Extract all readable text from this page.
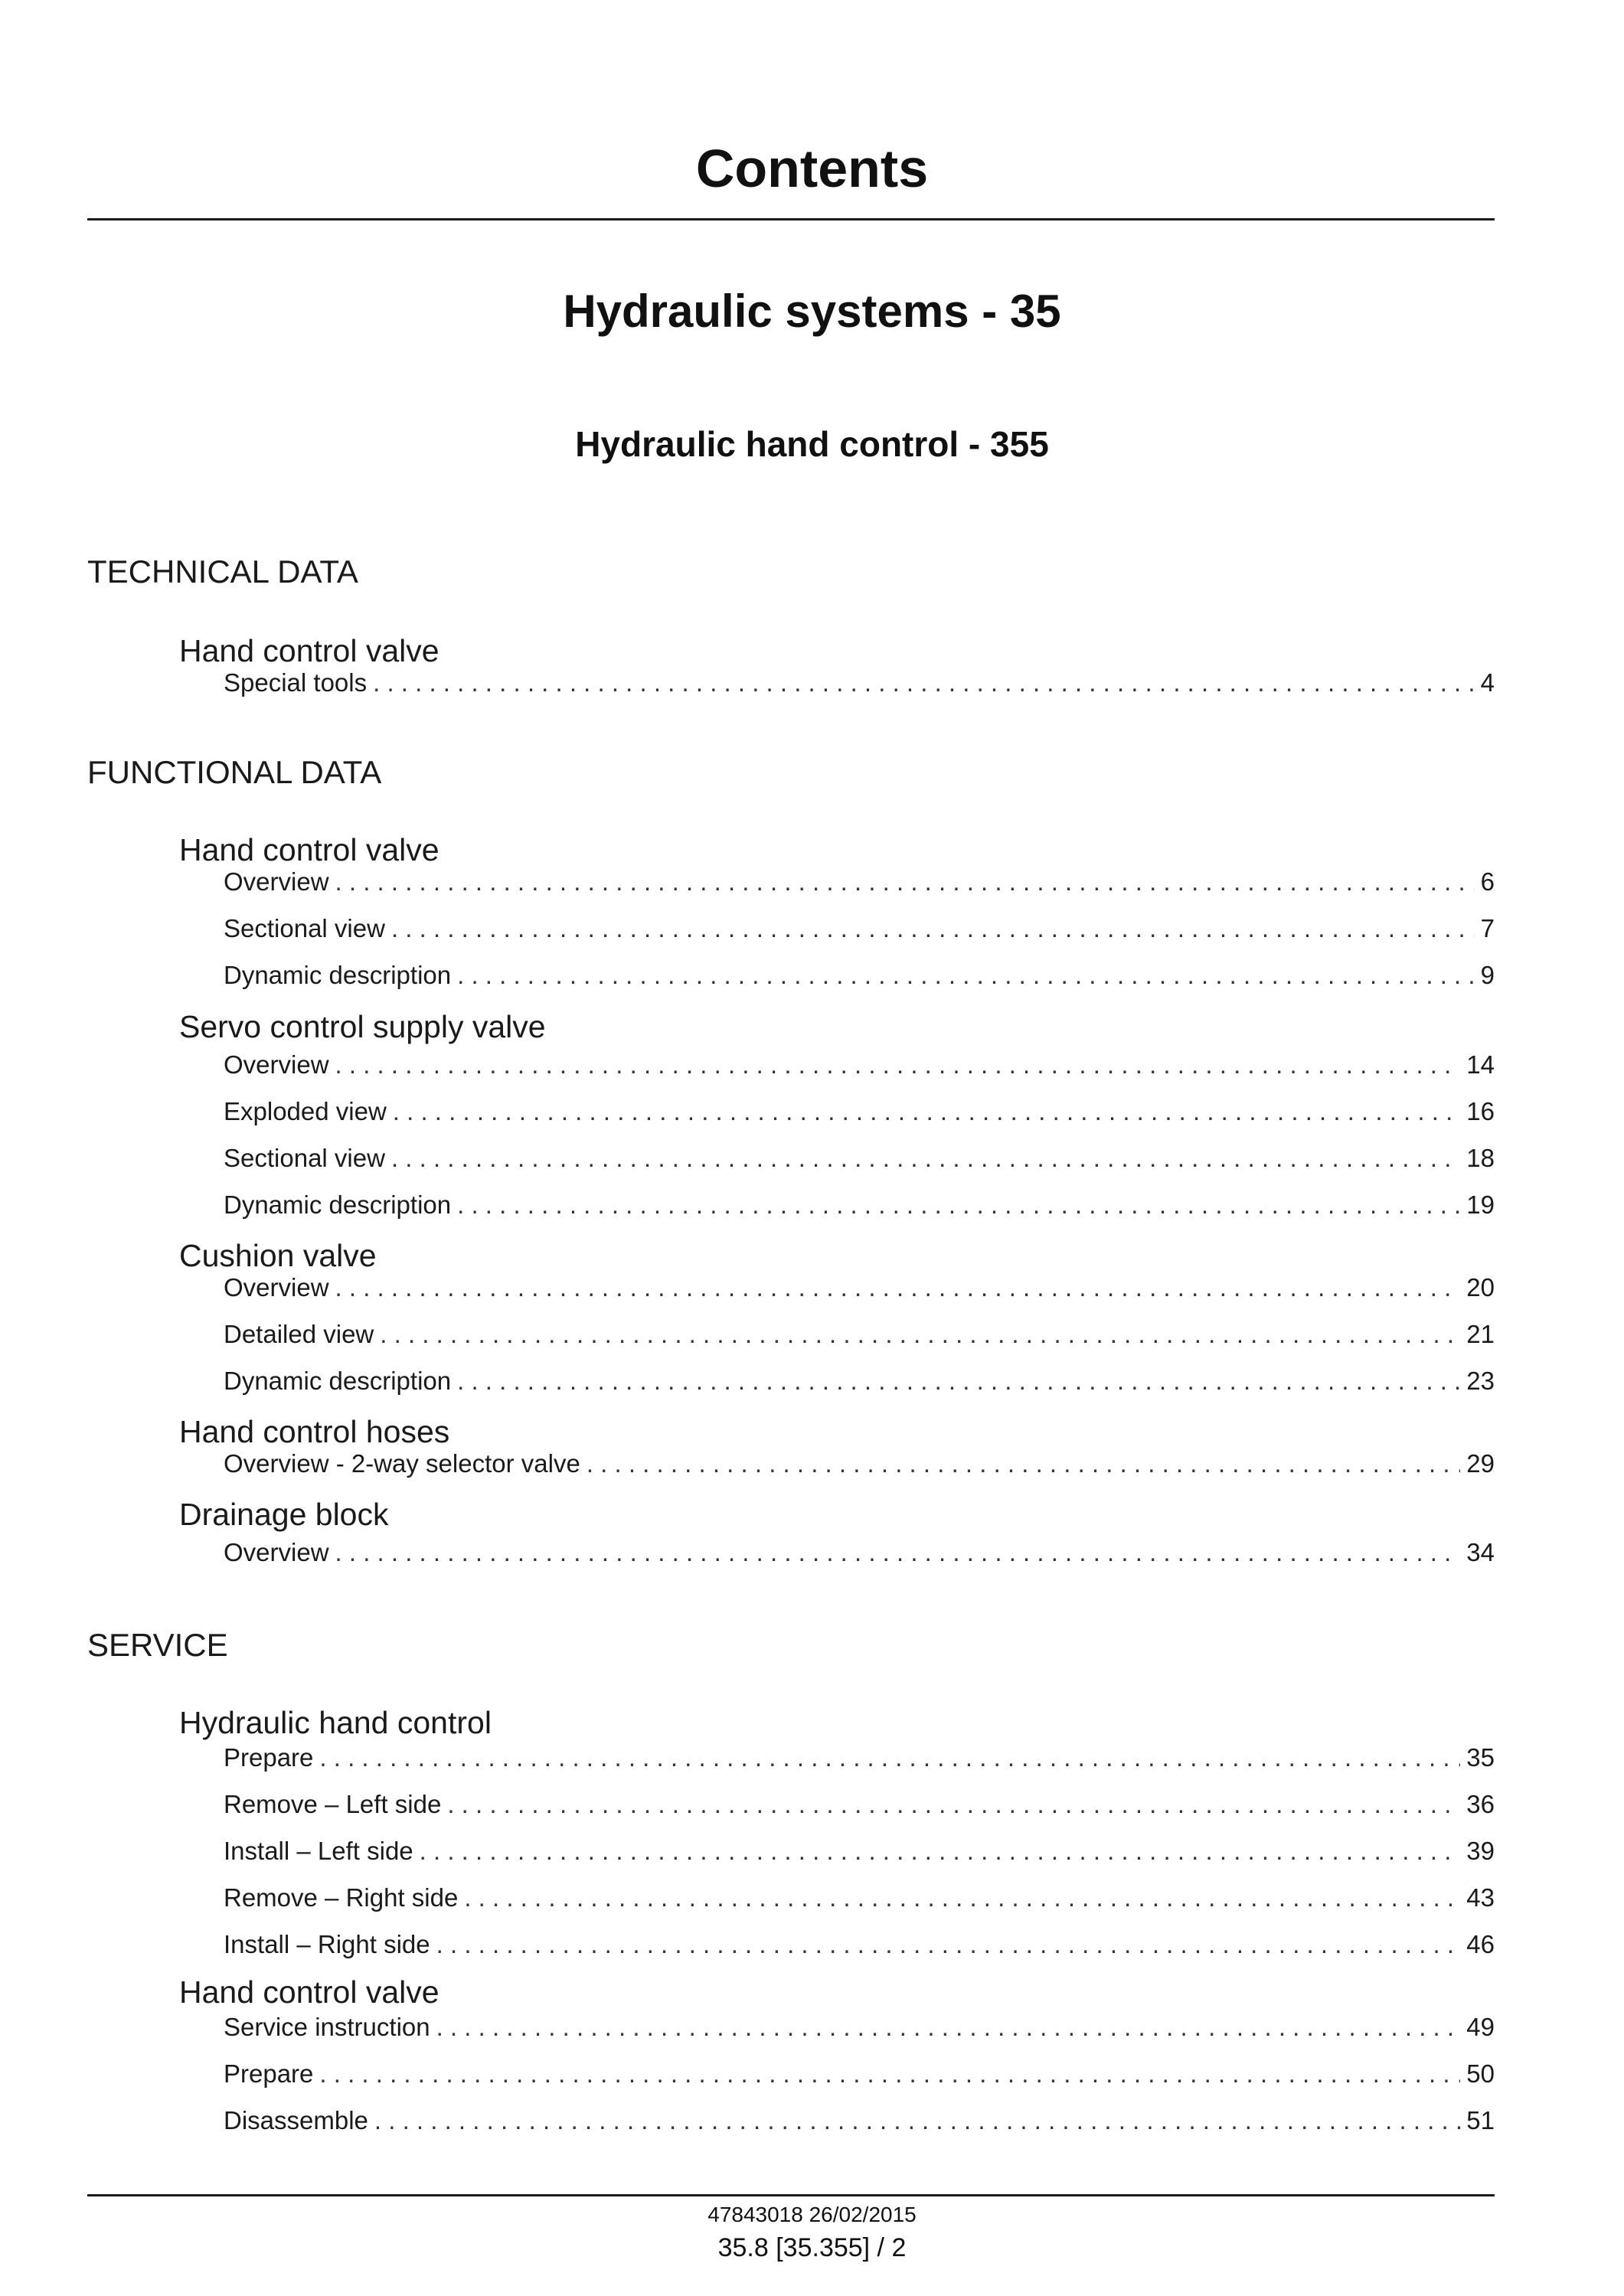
Contents
Hydraulic systems - 35
Hydraulic hand control - 355
TECHNICAL DATA
Hand control valve
Special tools . . .	4
FUNCTIONAL DATA
Hand control valve
Overview . . .	6
Sectional view . . .	7
Dynamic description . . .	9
Servo control supply valve
Overview . . .	14
Exploded view . . .	16
Sectional view . . .	18
Dynamic description . . .	19
Cushion valve
Overview . . .	20
Detailed view . . .	21
Dynamic description . . .	23
Hand control hoses
Overview - 2-way selector valve . . .	29
Drainage block
Overview . . .	34
SERVICE
Hydraulic hand control
Prepare . . .	35
Remove – Left side . . .	36
Install – Left side . . .	39
Remove – Right side . . .	43
Install – Right side . . .	46
Hand control valve
Service instruction . . .	49
Prepare . . .	50
Disassemble . . .	51
47843018 26/02/2015
35.8 [35.355] / 2
